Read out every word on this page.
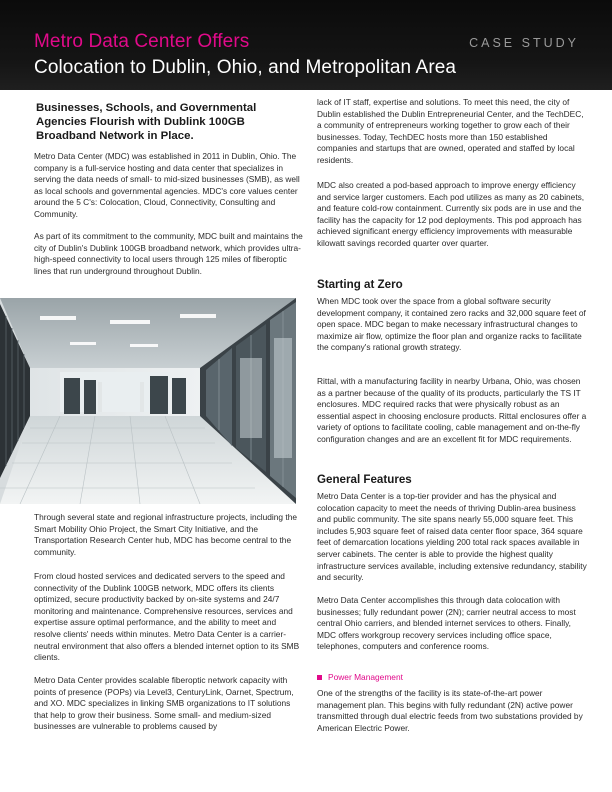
Metro Data Center Offers
Colocation to Dublin, Ohio, and Metropolitan Area
CASE STUDY
Businesses, Schools, and Governmental Agencies Flourish with Dublink 100GB Broadband Network in Place.
Metro Data Center (MDC) was established in 2011 in Dublin, Ohio. The company is a full-service hosting and data center that specializes in serving the data needs of small- to mid-sized businesses (SMB), as well as local schools and governmental agencies. MDC's core values center around the 5 C's: Colocation, Cloud, Connectivity, Consulting and Community.
As part of its commitment to the community, MDC built and maintains the city of Dublin's Dublink 100GB broadband network, which provides ultra-high-speed connectivity to local users through 125 miles of fiberoptic lines that run underground throughout Dublin.
Through several state and regional infrastructure projects, including the Smart Mobility Ohio Project, the Smart City Initiative, and the Transportation Research Center hub, MDC has become central to the community.
From cloud hosted services and dedicated servers to the speed and connectivity of the Dublink 100GB network, MDC offers its clients optimized, secure productivity backed by on-site systems and 24/7 monitoring and maintenance. Comprehensive resources, services and expertise assure optimal performance, and the ability to meet and resolve clients' needs within minutes. Metro Data Center is a carrier-neutral environment that also offers a blended internet option to its SMB clients.
Metro Data Center provides scalable fiberoptic network capacity with points of presence (POPs) via Level3, CenturyLink, Oarnet, Spectrum, and XO. MDC specializes in linking SMB organizations to IT solutions that help to grow their business. Some small- and medium-sized businesses are vulnerable to problems caused by
lack of IT staff, expertise and solutions. To meet this need, the city of Dublin established the Dublin Entrepreneurial Center, and the TechDEC, a community of entrepreneurs working together to grow each of their businesses. Today, TechDEC hosts more than 150 established companies and startups that are owned, operated and staffed by local residents.
MDC also created a pod-based approach to improve energy efficiency and service larger customers. Each pod utilizes as many as 20 cabinets, and feature cold-row containment. Currently six pods are in use and the facility has the capacity for 12 pod deployments. This pod approach has achieved significant energy efficiency improvements with measurable kilowatt savings recorded quarter over quarter.
Starting at Zero
When MDC took over the space from a global software security development company, it contained zero racks and 32,000 square feet of open space. MDC began to make necessary infrastructural changes to maximize air flow, optimize the floor plan and organize racks to facilitate the company's rational growth strategy.
Rittal, with a manufacturing facility in nearby Urbana, Ohio, was chosen as a partner because of the quality of its products, particularly the TS IT enclosures. MDC required racks that were physically robust as an essential aspect in choosing enclosure products. Rittal enclosures offer a variety of options to facilitate cooling, cable management and on-the-fly configuration changes and are an excellent fit for MDC requirements.
General Features
Metro Data Center is a top-tier provider and has the physical and colocation capacity to meet the needs of thriving Dublin-area business and public community. The site spans nearly 55,000 square feet. This includes 5,903 square feet of raised data center floor space, 364 square feet of demarcation locations yielding 200 total rack spaces available in server cabinets. The center is able to provide the highest quality infrastructure services available, including extensive redundancy, stability and security.
Metro Data Center accomplishes this through data colocation with businesses; fully redundant power (2N); carrier neutral access to most central Ohio carriers, and blended internet services to others. Finally, MDC offers workgroup recovery services including office space, telephones, computers and conference rooms.
Power Management
One of the strengths of the facility is its state-of-the-art power management plan. This begins with fully redundant (2N) active power transmitted through dual electric feeds from two substations provided by American Electric Power.
